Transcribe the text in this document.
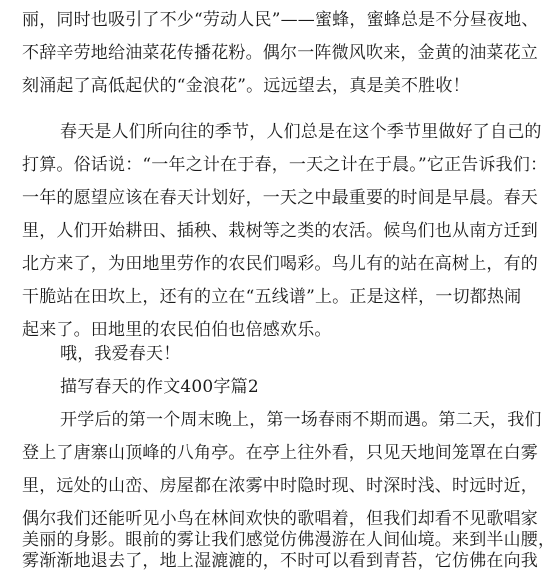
丽，同时也吸引了不少“劳动人民”——蜜蜂，蜜蜂总是不分昼夜地、
不辞辛劳地给油菜花传播花粉。偶尔一阵微风吹来，金黄的油菜花立
刻涌起了高低起伏的“金浪花”。远远望去，真是美不胜收！
春天是人们所向往的季节，人们总是在这个季节里做好了自己的
打算。俗话说：“一年之计在于春，一天之计在于晨。”它正告诉我们：
一年的愿望应该在春天计划好，一天之中最重要的时间是早晨。春天
里，人们开始耕田、插秧、栽树等之类的农活。候鸟们也从南方迁到
北方来了，为田地里劳作的农民们喝彩。鸟儿有的站在高树上，有的
干脆站在田坎上，还有的立在“五线谱”上。正是这样，一切都热闹
起来了。田地里的农民伯伯也倍感欢乐。
哦，我爱春天！
描写春天的作文400字篇2
开学后的第一个周末晚上，第一场春雨不期而遇。第二天，我们
登上了唐寨山顶峰的八角亭。在亭上往外看，只见天地间笼罩在白雾
里，远处的山峦、房屋都在浓雾中时隐时现、时深时浅、时远时近，
偶尔我们还能听见小鸟在林间欢快的歌唱着，但我们却看不见歌唱家
美丽的身影。眼前的雾让我们感觉仿佛漫游在人间仙境。来到半山腰，
雾渐渐地退去了，地上湿漉漉的，不时可以看到青苔，它仿佛在向我
